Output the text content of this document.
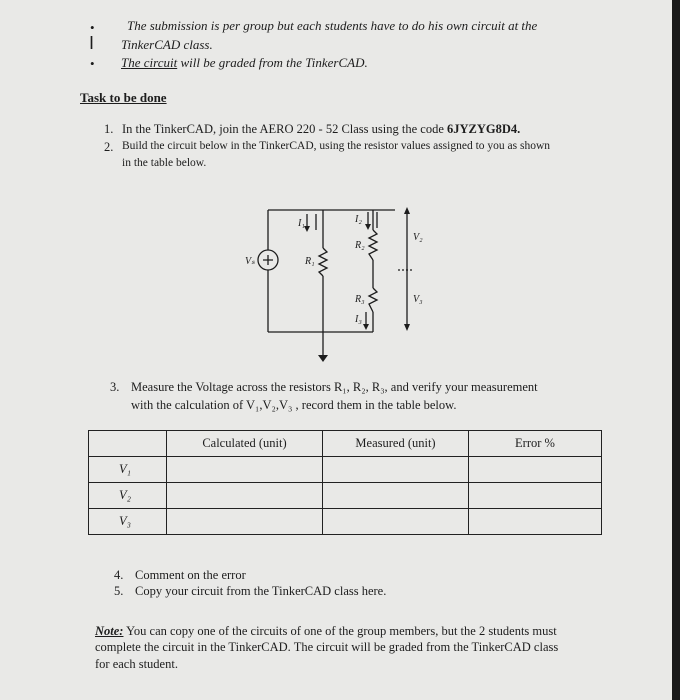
• The submission is per group but each students have to do his own circuit at the
I TinkerCAD class.
• The circuit will be graded from the TinkerCAD.
Task to be done
1. In the TinkerCAD, join the AERO 220 - 52 Class using the code 6JYZYG8D4.
2. Build the circuit below in the TinkerCAD, using the resistor values assigned to you as shown
in the table below.
I₁	I₂
I₃
Vₛ	R₁
R₂
R₃
V₂
V₃
3. Measure the Voltage across the resistors R₁, R₂, R₃, and verify your measurement
with the calculation of V₁,V₂,V₃ , record them in the table below.
	Calculated (unit)	Measured (unit)	Error %
V₁			
V₂			
V₃			
4. Comment on the error
5. Copy your circuit from the TinkerCAD class here.
Note: You can copy one of the circuits of one of the group members, but the 2 students must
complete the circuit in the TinkerCAD. The circuit will be graded from the TinkerCAD class
for each student.
